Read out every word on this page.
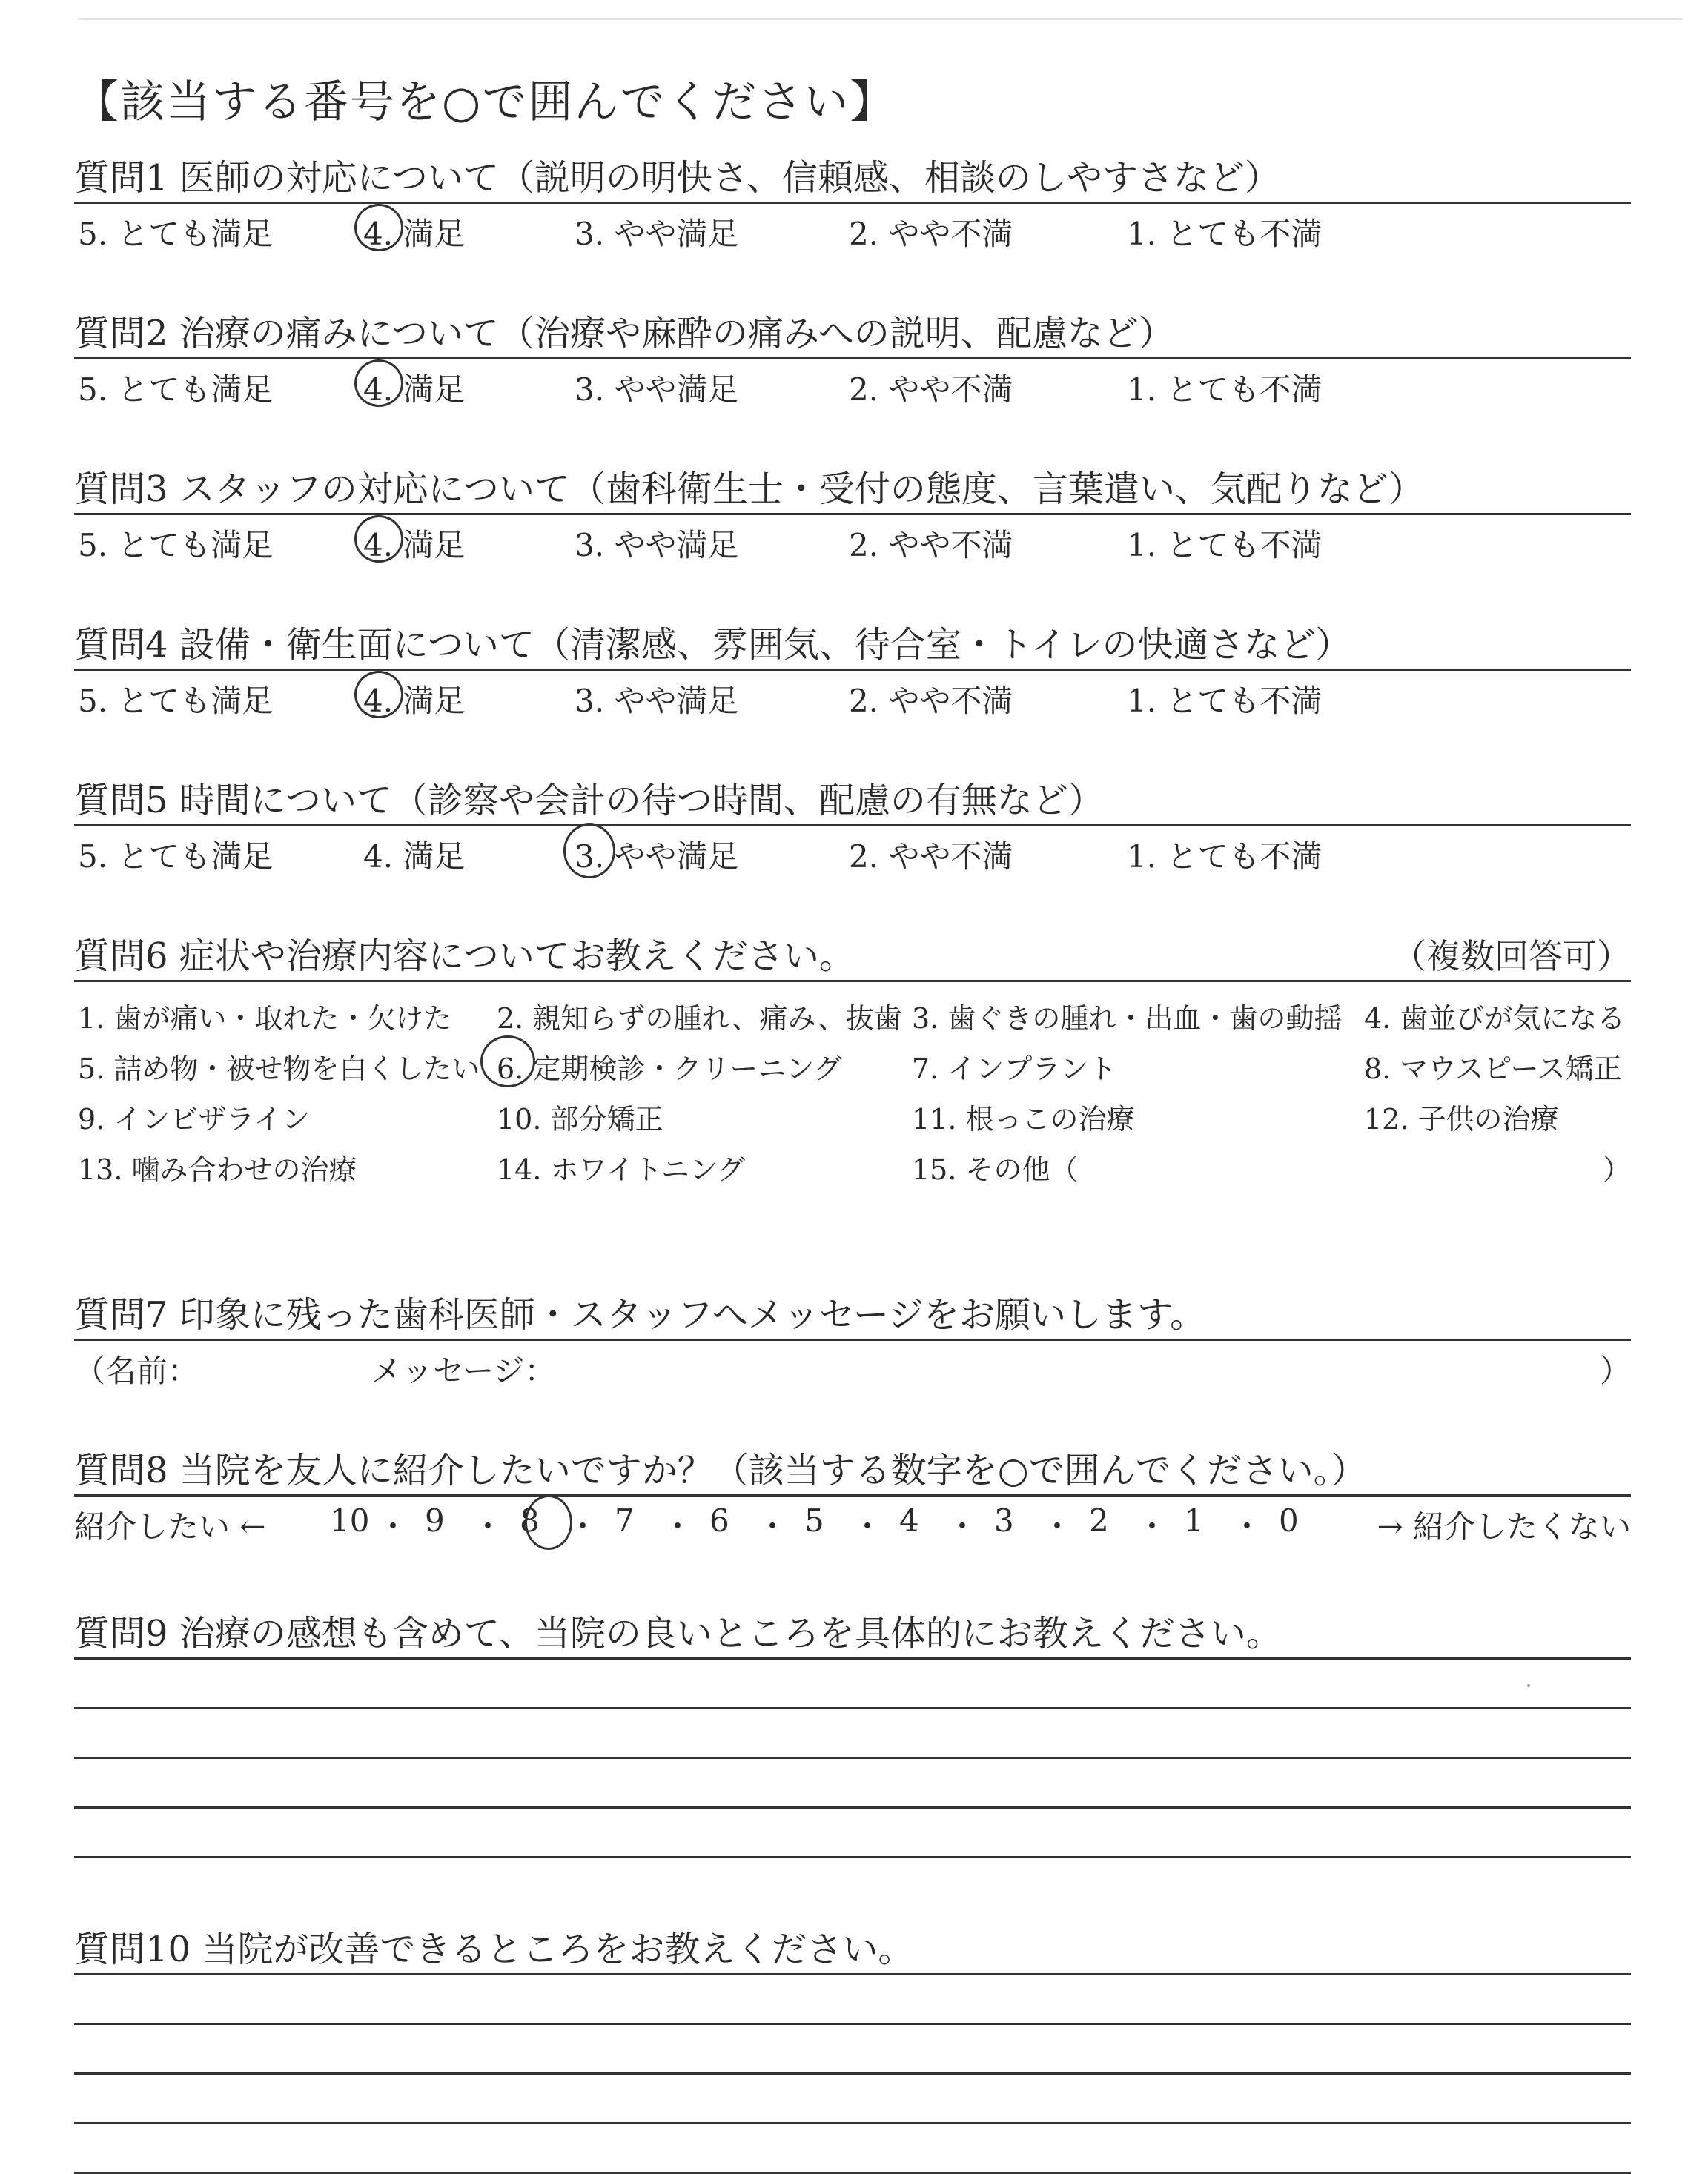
【該当する番号を○で囲んでください】
質問1 医師の対応について（説明の明快さ、信頼感、相談のしやすさなど）
5. とても満足	4. 満足	3. やや満足	2. やや不満	1. とても不満
質問2 治療の痛みについて（治療や麻酔の痛みへの説明、配慮など）
5. とても満足	4. 満足	3. やや満足	2. やや不満	1. とても不満
質問3 スタッフの対応について（歯科衛生士・受付の態度、言葉遣い、気配りなど）
5. とても満足	4. 満足	3. やや満足	2. やや不満	1. とても不満
質問4 設備・衛生面について（清潔感、雰囲気、待合室・トイレの快適さなど）
5. とても満足	4. 満足	3. やや満足	2. やや不満	1. とても不満
質問5 時間について（診察や会計の待つ時間、配慮の有無など）
5. とても満足	4. 満足	3. やや満足	2. やや不満	1. とても不満
質問6 症状や治療内容についてお教えください。	（複数回答可）
1. 歯が痛い・取れた・欠けた 2. 親知らずの腫れ、痛み、抜歯 3. 歯ぐきの腫れ・出血・歯の動揺 4. 歯並びが気になる
5. 詰め物・被せ物を白くしたい 6. 定期検診・クリーニング 7. インプラント	8. マウスピース矯正
9. インビザライン	10. 部分矯正	11. 根っこの治療	12. 子供の治療
13. 噛み合わせの治療	14. ホワイトニング	15. その他（	）
質問7 印象に残った歯科医師・スタッフへメッセージをお願いします。
（名前：	メッセージ：	）
質問8 当院を友人に紹介したいですか？（該当する数字を○で囲んでください。）
紹介したい ← 10 ・ 9 ・ 8 ・ 7 ・ 6 ・ 5 ・ 4 ・ 3 ・ 2 ・ 1 ・ 0	→ 紹介したくない
質問9 治療の感想も含めて、当院の良いところを具体的にお教えください。
質問10 当院が改善できるところをお教えください。
